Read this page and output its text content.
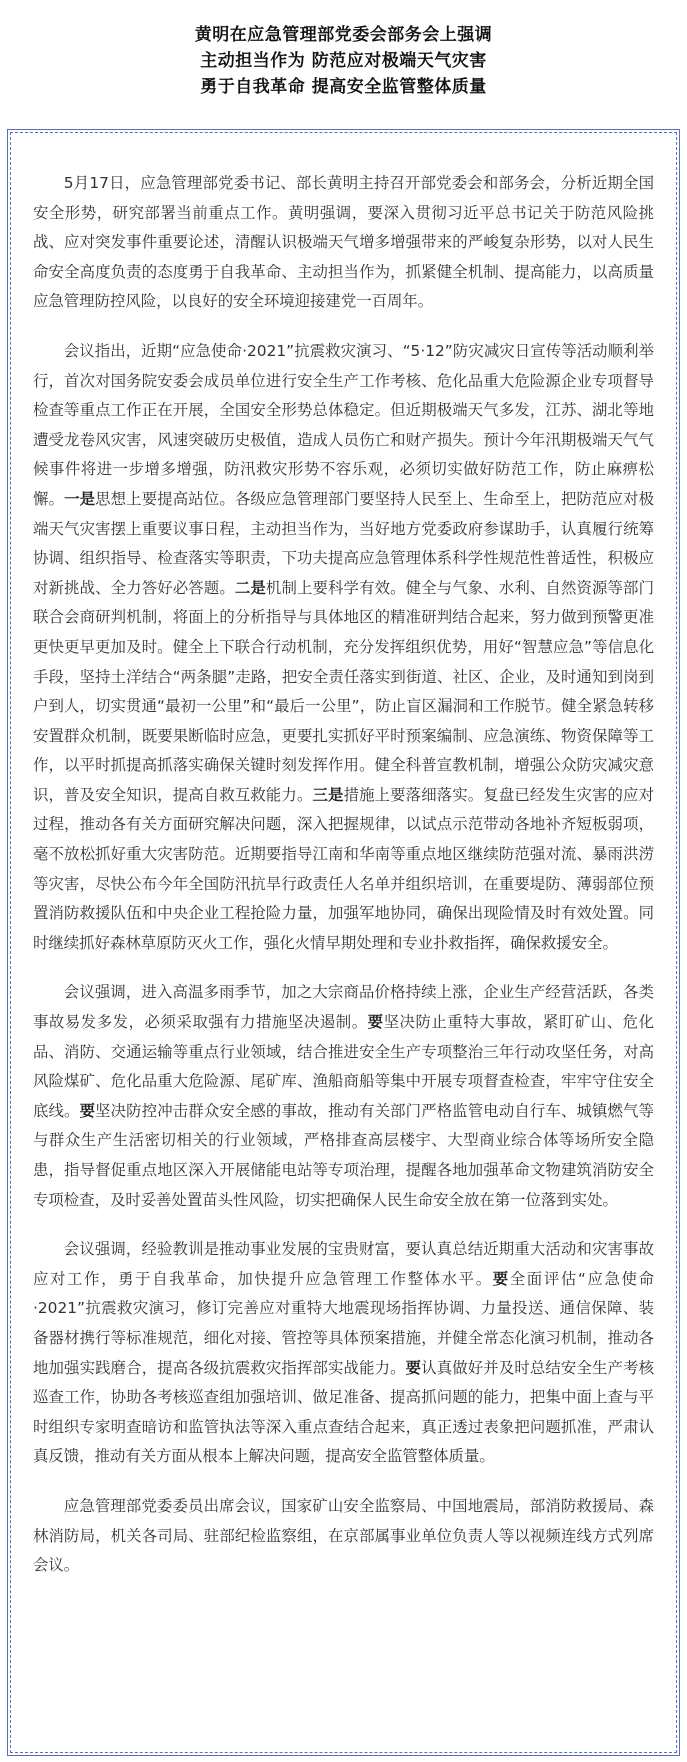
黄明在应急管理部党委会部务会上强调
主动担当作为 防范应对极端天气灾害
勇于自我革命 提高安全监管整体质量

5月17日，应急管理部党委书记、部长黄明主持召开部党委会和部务会，分析近期全国安全形势，研究部署当前重点工作。黄明强调，要深入贯彻习近平总书记关于防范风险挑战、应对突发事件重要论述，清醒认识极端天气增多增强带来的严峻复杂形势，以对人民生命安全高度负责的态度勇于自我革命、主动担当作为，抓紧健全机制、提高能力，以高质量应急管理防控风险，以良好的安全环境迎接建党一百周年。

会议指出，近期“应急使命·2021”抗震救灾演习、“5·12”防灾减灾日宣传等活动顺利举行，首次对国务院安委会成员单位进行安全生产工作考核、危化品重大危险源企业专项督导检查等重点工作正在开展，全国安全形势总体稳定。但近期极端天气多发，江苏、湖北等地遭受龙卷风灾害，风速突破历史极值，造成人员伤亡和财产损失。预计今年汛期极端天气气候事件将进一步增多增强，防汛救灾形势不容乐观，必须切实做好防范工作，防止麻痹松懈。一是思想上要提高站位。各级应急管理部门要坚持人民至上、生命至上，把防范应对极端天气灾害摆上重要议事日程，主动担当作为，当好地方党委政府参谋助手，认真履行统筹协调、组织指导、检查落实等职责，下功夫提高应急管理体系科学性规范性普适性，积极应对新挑战、全力答好必答题。二是机制上要科学有效。健全与气象、水利、自然资源等部门联合会商研判机制，将面上的分析指导与具体地区的精准研判结合起来，努力做到预警更准更快更早更加及时。健全上下联合行动机制，充分发挥组织优势，用好“智慧应急”等信息化手段，坚持土洋结合“两条腿”走路，把安全责任落实到街道、社区、企业，及时通知到岗到户到人，切实贯通“最初一公里”和“最后一公里”，防止盲区漏洞和工作脱节。健全紧急转移安置群众机制，既要果断临时应急，更要扎实抓好平时预案编制、应急演练、物资保障等工作，以平时抓提高抓落实确保关键时刻发挥作用。健全科普宣教机制，增强公众防灾减灾意识，普及安全知识，提高自救互救能力。三是措施上要落细落实。复盘已经发生灾害的应对过程，推动各有关方面研究解决问题，深入把握规律，以试点示范带动各地补齐短板弱项，毫不放松抓好重大灾害防范。近期要指导江南和华南等重点地区继续防范强对流、暴雨洪涝等灾害，尽快公布今年全国防汛抗旱行政责任人名单并组织培训，在重要堤防、薄弱部位预置消防救援队伍和中央企业工程抢险力量，加强军地协同，确保出现险情及时有效处置。同时继续抓好森林草原防灭火工作，强化火情早期处理和专业扑救指挥，确保救援安全。

会议强调，进入高温多雨季节，加之大宗商品价格持续上涨，企业生产经营活跃，各类事故易发多发，必须采取强有力措施坚决遏制。要坚决防止重特大事故，紧盯矿山、危化品、消防、交通运输等重点行业领域，结合推进安全生产专项整治三年行动攻坚任务，对高风险煤矿、危化品重大危险源、尾矿库、渔船商船等集中开展专项督查检查，牢牢守住安全底线。要坚决防控冲击群众安全感的事故，推动有关部门严格监管电动自行车、城镇燃气等与群众生产生活密切相关的行业领域，严格排查高层楼宇、大型商业综合体等场所安全隐患，指导督促重点地区深入开展储能电站等专项治理，提醒各地加强革命文物建筑消防安全专项检查，及时妥善处置苗头性风险，切实把确保人民生命安全放在第一位落到实处。

会议强调，经验教训是推动事业发展的宝贵财富，要认真总结近期重大活动和灾害事故应对工作，勇于自我革命，加快提升应急管理工作整体水平。要全面评估“应急使命·2021”抗震救灾演习，修订完善应对重特大地震现场指挥协调、力量投送、通信保障、装备器材携行等标准规范，细化对接、管控等具体预案措施，并健全常态化演习机制，推动各地加强实践磨合，提高各级抗震救灾指挥部实战能力。要认真做好并及时总结安全生产考核巡查工作，协助各考核巡查组加强培训、做足准备、提高抓问题的能力，把集中面上查与平时组织专家明查暗访和监管执法等深入重点查结合起来，真正透过表象把问题抓准，严肃认真反馈，推动有关方面从根本上解决问题，提高安全监管整体质量。

应急管理部党委委员出席会议，国家矿山安全监察局、中国地震局，部消防救援局、森林消防局，机关各司局、驻部纪检监察组，在京部属事业单位负责人等以视频连线方式列席会议。
